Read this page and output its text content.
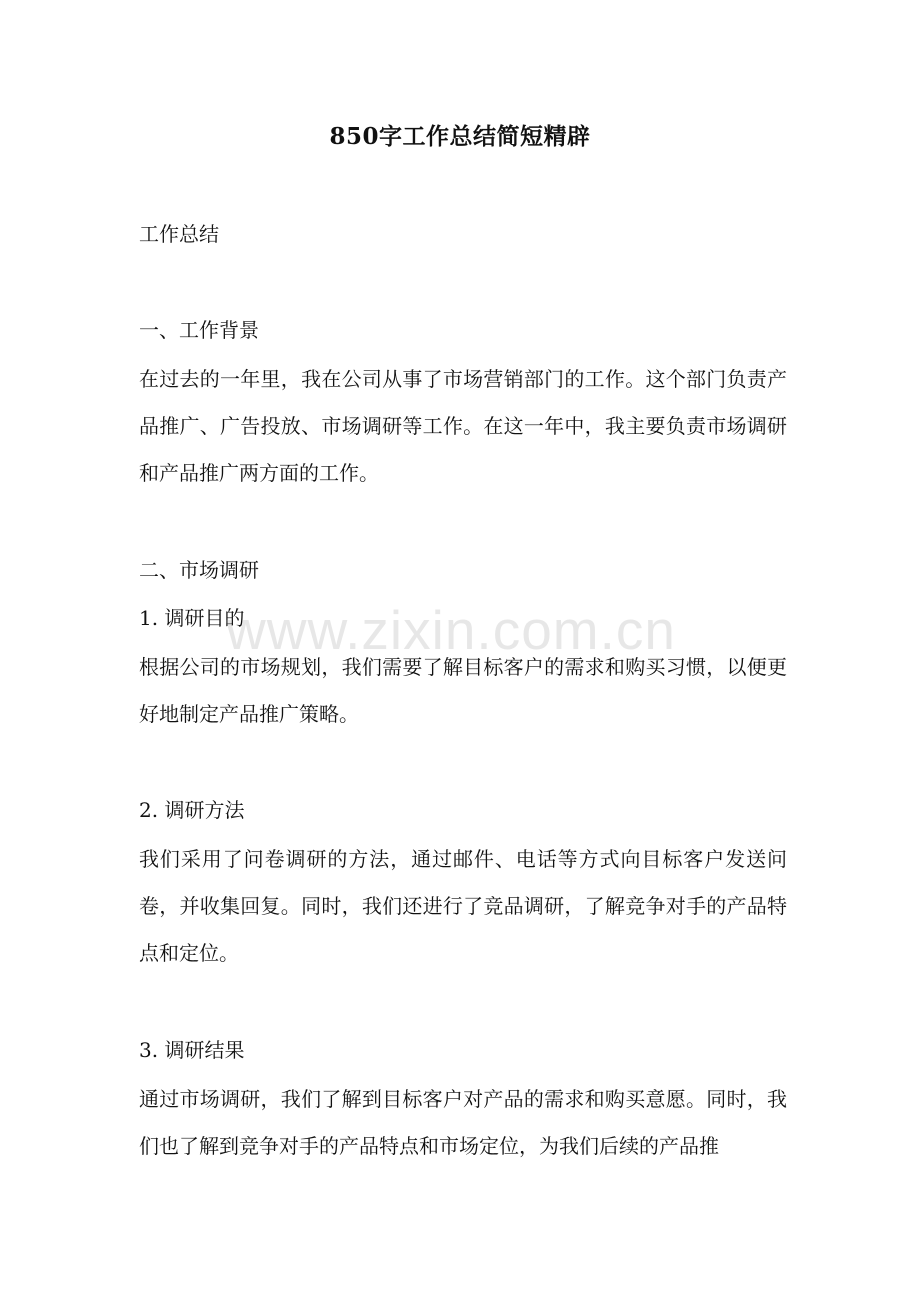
850字工作总结简短精辟
工作总结
一、工作背景
在过去的一年里，我在公司从事了市场营销部门的工作。这个部门负责产品推广、广告投放、市场调研等工作。在这一年中，我主要负责市场调研和产品推广两方面的工作。
二、市场调研
1. 调研目的
根据公司的市场规划，我们需要了解目标客户的需求和购买习惯，以便更好地制定产品推广策略。
2. 调研方法
我们采用了问卷调研的方法，通过邮件、电话等方式向目标客户发送问卷，并收集回复。同时，我们还进行了竞品调研，了解竞争对手的产品特点和定位。
3. 调研结果
通过市场调研，我们了解到目标客户对产品的需求和购买意愿。同时，我们也了解到竞争对手的产品特点和市场定位，为我们后续的产品推
www.zixin.com.cn
